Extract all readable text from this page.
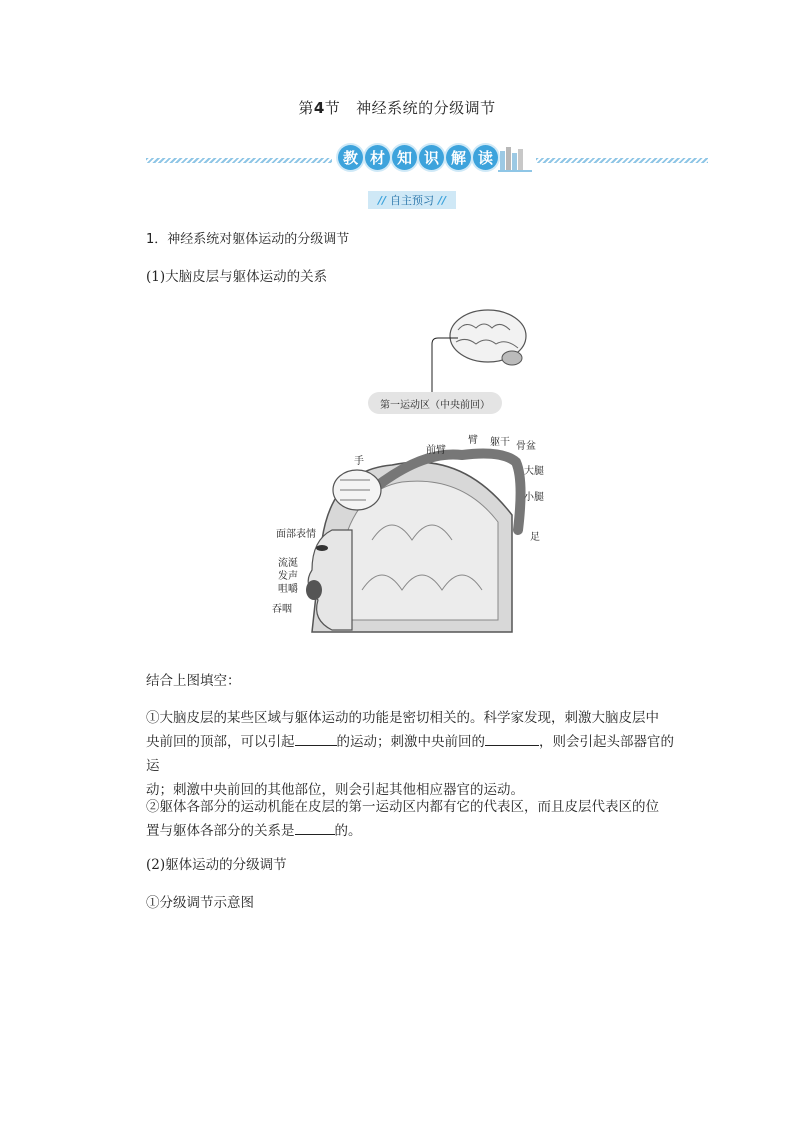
第4节 神经系统的分级调节
教 材 知 识 解 读
// 自主预习 //
1．神经系统对躯体运动的分级调节
(1)大脑皮层与躯体运动的关系
第一运动区（中央前回）
手
前臂
臂 躯干 骨盆
大腿
小腿
足
面部表情
流涎
发声
咀嚼
吞咽
结合上图填空：
①大脑皮层的某些区域与躯体运动的功能是密切相关的。科学家发现，刺激大脑皮层中
央前回的顶部，可以引起	的运动；刺激中央前回的	，则会引起头部器官的运
动；刺激中央前回的其他部位，则会引起其他相应器官的运动。
②躯体各部分的运动机能在皮层的第一运动区内都有它的代表区，而且皮层代表区的位
置与躯体各部分的关系是	的。
(2)躯体运动的分级调节
①分级调节示意图
